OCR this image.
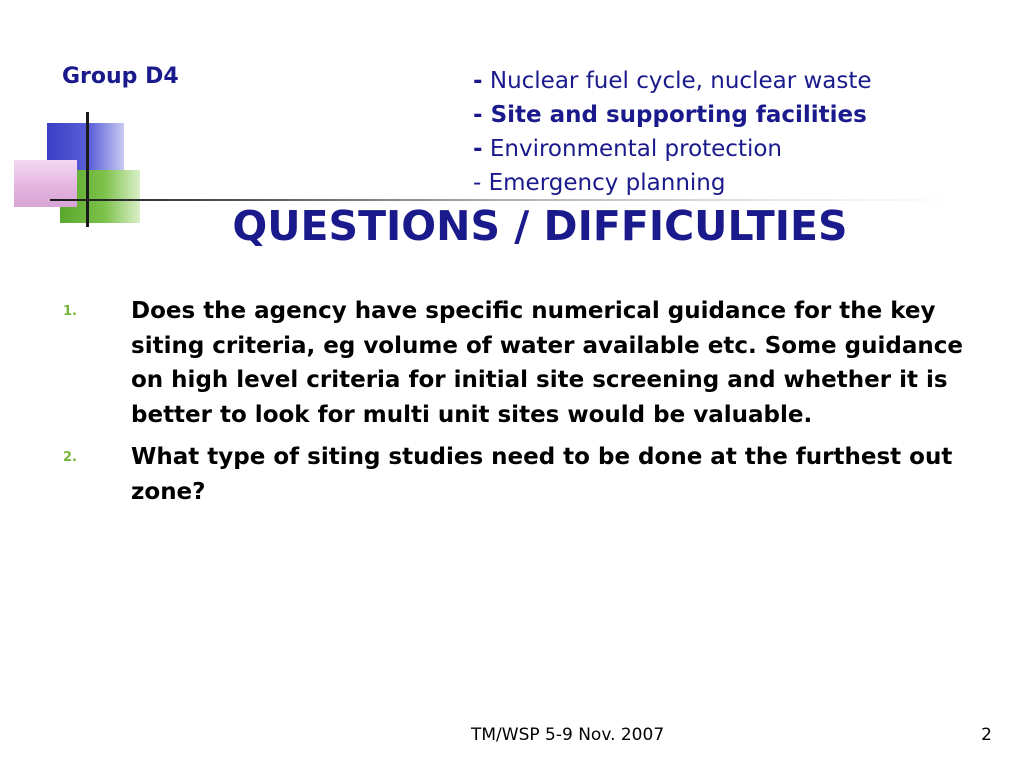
Group D4	- Nuclear fuel cycle, nuclear waste
- Site and supporting facilities
- Environmental protection
- Emergency planning
QUESTIONS / DIFFICULTIES
1. Does the agency have specific numerical guidance for the key siting criteria, eg volume of water available etc. Some guidance on high level criteria for initial site screening and whether it is better to look for multi unit sites would be valuable.
2. What type of siting studies need to be done at the furthest out zone?
TM/WSP 5-9 Nov. 2007	2
